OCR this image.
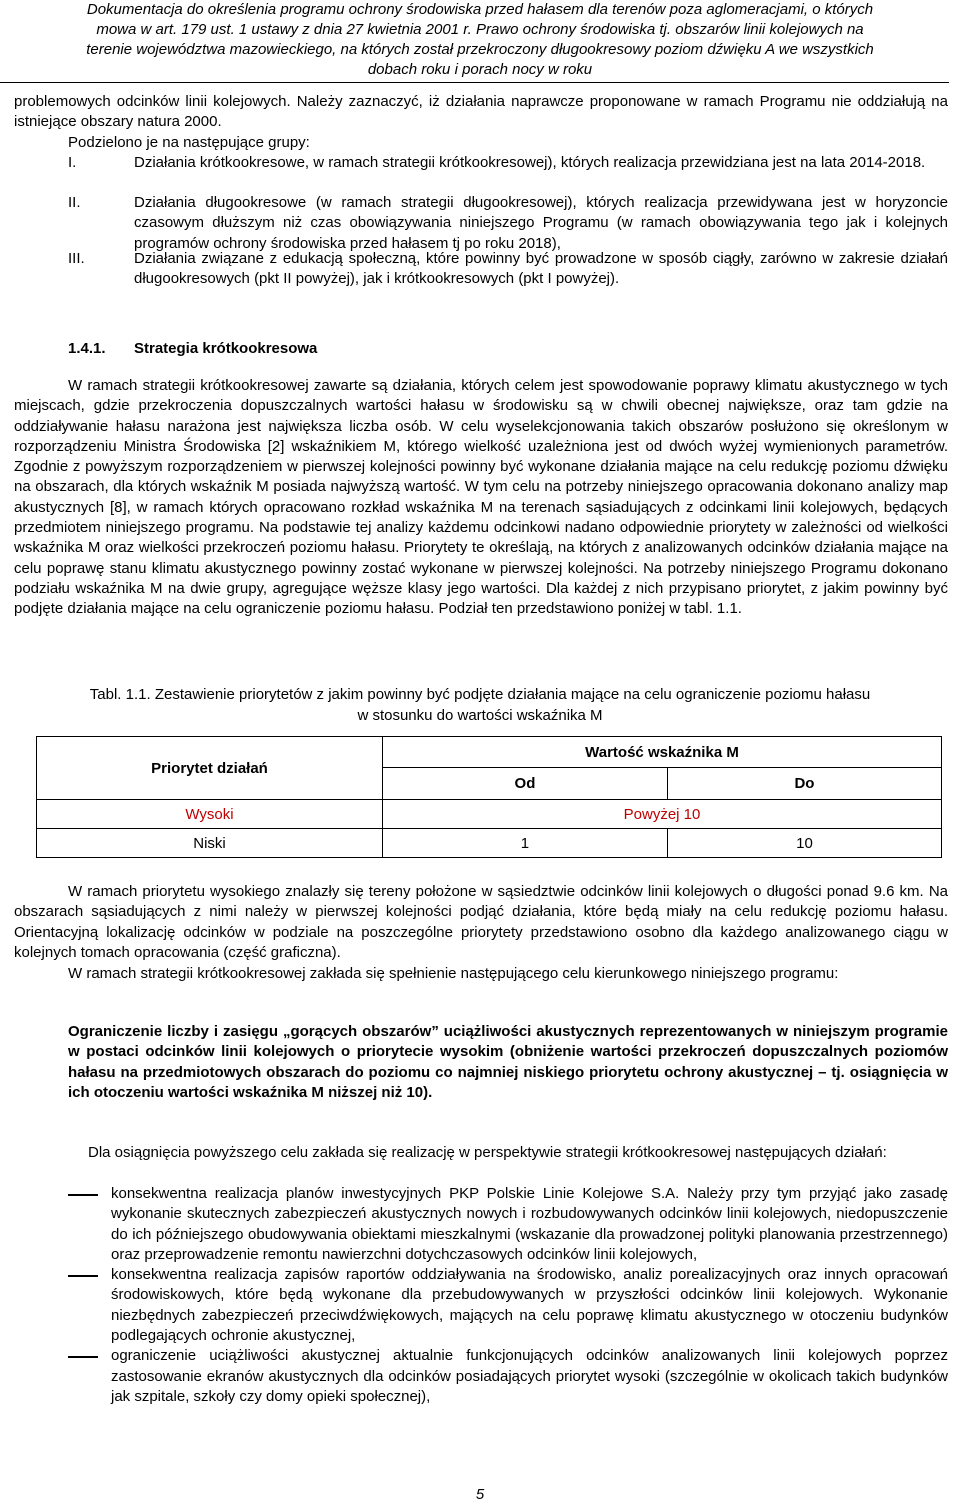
Dokumentacja do określenia programu ochrony środowiska przed hałasem dla terenów poza aglomeracjami, o których
mowa w art. 179 ust. 1 ustawy z dnia 27 kwietnia 2001 r. Prawo ochrony środowiska tj. obszarów linii kolejowych na
terenie województwa mazowieckiego, na których został przekroczony długookresowy poziom dźwięku A we wszystkich
dobach roku i porach nocy w roku
problemowych odcinków linii kolejowych. Należy zaznaczyć, iż działania naprawcze proponowane w ramach Programu nie oddziałują na istniejące obszary natura 2000.
Podzielono je na następujące grupy:
I.	Działania krótkookresowe, w ramach strategii krótkookresowej), których realizacja przewidziana jest na lata 2014-2018.
II.	Działania długookresowe (w ramach strategii długookresowej), których realizacja przewidywana jest w horyzoncie czasowym dłuższym niż czas obowiązywania niniejszego Programu (w ramach obowiązywania tego jak i kolejnych programów ochrony środowiska przed hałasem tj po roku 2018),
III.	Działania związane z edukacją społeczną, które powinny być prowadzone w sposób ciągły, zarówno w zakresie działań długookresowych (pkt II powyżej), jak i krótkookresowych (pkt I powyżej).
1.4.1. Strategia krótkookresowa
W ramach strategii krótkookresowej zawarte są działania, których celem jest spowodowanie poprawy klimatu akustycznego w tych miejscach, gdzie przekroczenia dopuszczalnych wartości hałasu w środowisku są w chwili obecnej największe, oraz tam gdzie na oddziaływanie hałasu narażona jest największa liczba osób. W celu wyselekcjonowania takich obszarów posłużono się określonym w rozporządzeniu Ministra Środowiska [2] wskaźnikiem M, którego wielkość uzależniona jest od dwóch wyżej wymienionych parametrów. Zgodnie z powyższym rozporządzeniem w pierwszej kolejności powinny być wykonane działania mające na celu redukcję poziomu dźwięku na obszarach, dla których wskaźnik M posiada najwyższą wartość. W tym celu na potrzeby niniejszego opracowania dokonano analizy map akustycznych [8], w ramach których opracowano rozkład wskaźnika M na terenach sąsiadujących z odcinkami linii kolejowych, będących przedmiotem niniejszego programu. Na podstawie tej analizy każdemu odcinkowi nadano odpowiednie priorytety w zależności od wielkości wskaźnika M oraz wielkości przekroczeń poziomu hałasu. Priorytety te określają, na których z analizowanych odcinków działania mające na celu poprawę stanu klimatu akustycznego powinny zostać wykonane w pierwszej kolejności. Na potrzeby niniejszego Programu dokonano podziału wskaźnika M na dwie grupy, agregujące węższe klasy jego wartości. Dla każdej z nich przypisano priorytet, z jakim powinny być podjęte działania mające na celu ograniczenie poziomu hałasu. Podział ten przedstawiono poniżej w tabl. 1.1.
Tabl. 1.1. Zestawienie priorytetów z jakim powinny być podjęte działania mające na celu ograniczenie poziomu hałasu
w stosunku do wartości wskaźnika M
Priorytet działań	Wartość wskaźnika M	
	Od	Do
Wysoki	Powyżej 10	
Niski	1	10
W ramach priorytetu wysokiego znalazły się tereny położone w sąsiedztwie odcinków linii kolejowych o długości ponad 9.6 km. Na obszarach sąsiadujących z nimi należy w pierwszej kolejności podjąć działania, które będą miały na celu redukcję poziomu hałasu. Orientacyjną lokalizację odcinków w podziale na poszczególne priorytety przedstawiono osobno dla każdego analizowanego ciągu w kolejnych tomach opracowania (część graficzna).
W ramach strategii krótkookresowej zakłada się spełnienie następującego celu kierunkowego niniejszego programu:
Ograniczenie liczby i zasięgu „gorących obszarów” uciążliwości akustycznych reprezentowanych w niniejszym programie w postaci odcinków linii kolejowych o priorytecie wysokim (obniżenie wartości przekroczeń dopuszczalnych poziomów hałasu na przedmiotowych obszarach do poziomu co najmniej niskiego priorytetu ochrony akustycznej – tj. osiągnięcia w ich otoczeniu wartości wskaźnika M niższej niż 10).
Dla osiągnięcia powyższego celu zakłada się realizację w perspektywie strategii krótkookresowej następujących działań:
konsekwentna realizacja planów inwestycyjnych PKP Polskie Linie Kolejowe S.A. Należy przy tym przyjąć jako zasadę wykonanie skutecznych zabezpieczeń akustycznych nowych i rozbudowywanych odcinków linii kolejowych, niedopuszczenie do ich późniejszego obudowywania obiektami mieszkalnymi (wskazanie dla prowadzonej polityki planowania przestrzennego) oraz przeprowadzenie remontu nawierzchni dotychczasowych odcinków linii kolejowych,
konsekwentna realizacja zapisów raportów oddziaływania na środowisko, analiz porealizacyjnych oraz innych opracowań środowiskowych, które będą wykonane dla przebudowywanych w przyszłości odcinków linii kolejowych. Wykonanie niezbędnych zabezpieczeń przeciwdźwiękowych, mających na celu poprawę klimatu akustycznego w otoczeniu budynków podlegających ochronie akustycznej,
ograniczenie uciążliwości akustycznej aktualnie funkcjonujących odcinków analizowanych linii kolejowych poprzez zastosowanie ekranów akustycznych dla odcinków posiadających priorytet wysoki (szczególnie w okolicach takich budynków jak szpitale, szkoły czy domy opieki społecznej),
5
